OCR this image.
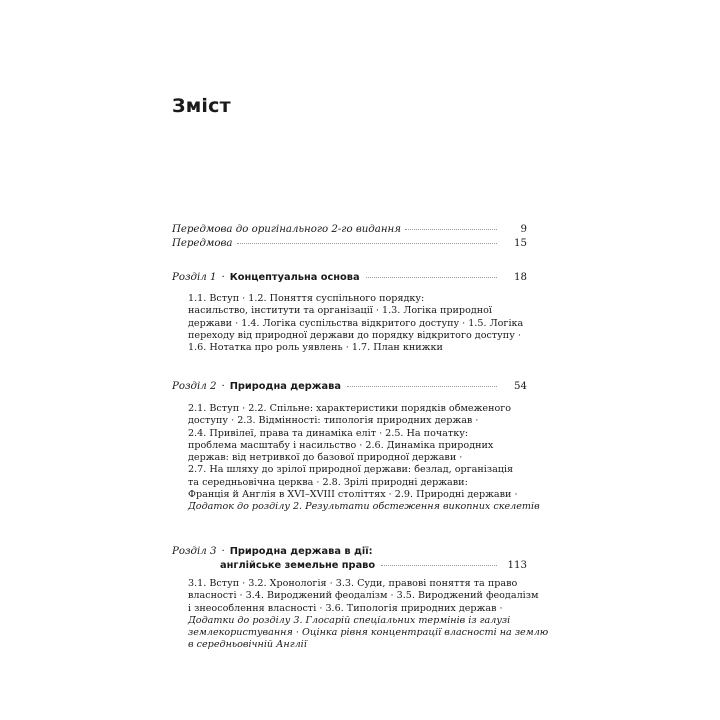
Зміст
Передмова до оригінального 2-го видання	9
Передмова	15
Розділ 1 · Концептуальна основа	18
1.1. Вступ · 1.2. Поняття суспільного порядку:
насильство, інститути та організації · 1.3. Логіка природної
держави · 1.4. Логіка суспільства відкритого доступу · 1.5. Логіка
переходу від природної держави до порядку відкритого доступу ·
1.6. Нотатка про роль уявлень · 1.7. План книжки
Розділ 2 · Природна держава	54
2.1. Вступ · 2.2. Спільне: характеристики порядків обмеженого
доступу · 2.3. Відмінності: типологія природних держав ·
2.4. Привілеї, права та динаміка еліт · 2.5. На початку:
проблема масштабу і насильство · 2.6. Динаміка природних
держав: від нетривкої до базової природної держави ·
2.7. На шляху до зрілої природної держави: безлад, організація
та середньовічна церква · 2.8. Зрілі природні держави:
Франція й Англія в XVI–XVIII століттях · 2.9. Природні держави ·
Додаток до розділу 2. Результати обстеження викопних скелетів
Розділ 3 · Природна держава в дії:
англійське земельне право	113
3.1. Вступ · 3.2. Хронологія · 3.3. Суди, правові поняття та право
власності · 3.4. Вироджений феодалізм · 3.5. Вироджений феодалізм
і знеособлення власності · 3.6. Типологія природних держав ·
Додатки до розділу 3. Глосарій спеціальних термінів із галузі
землекористування · Оцінка рівня концентрації власності на землю
в середньовічній Англії
